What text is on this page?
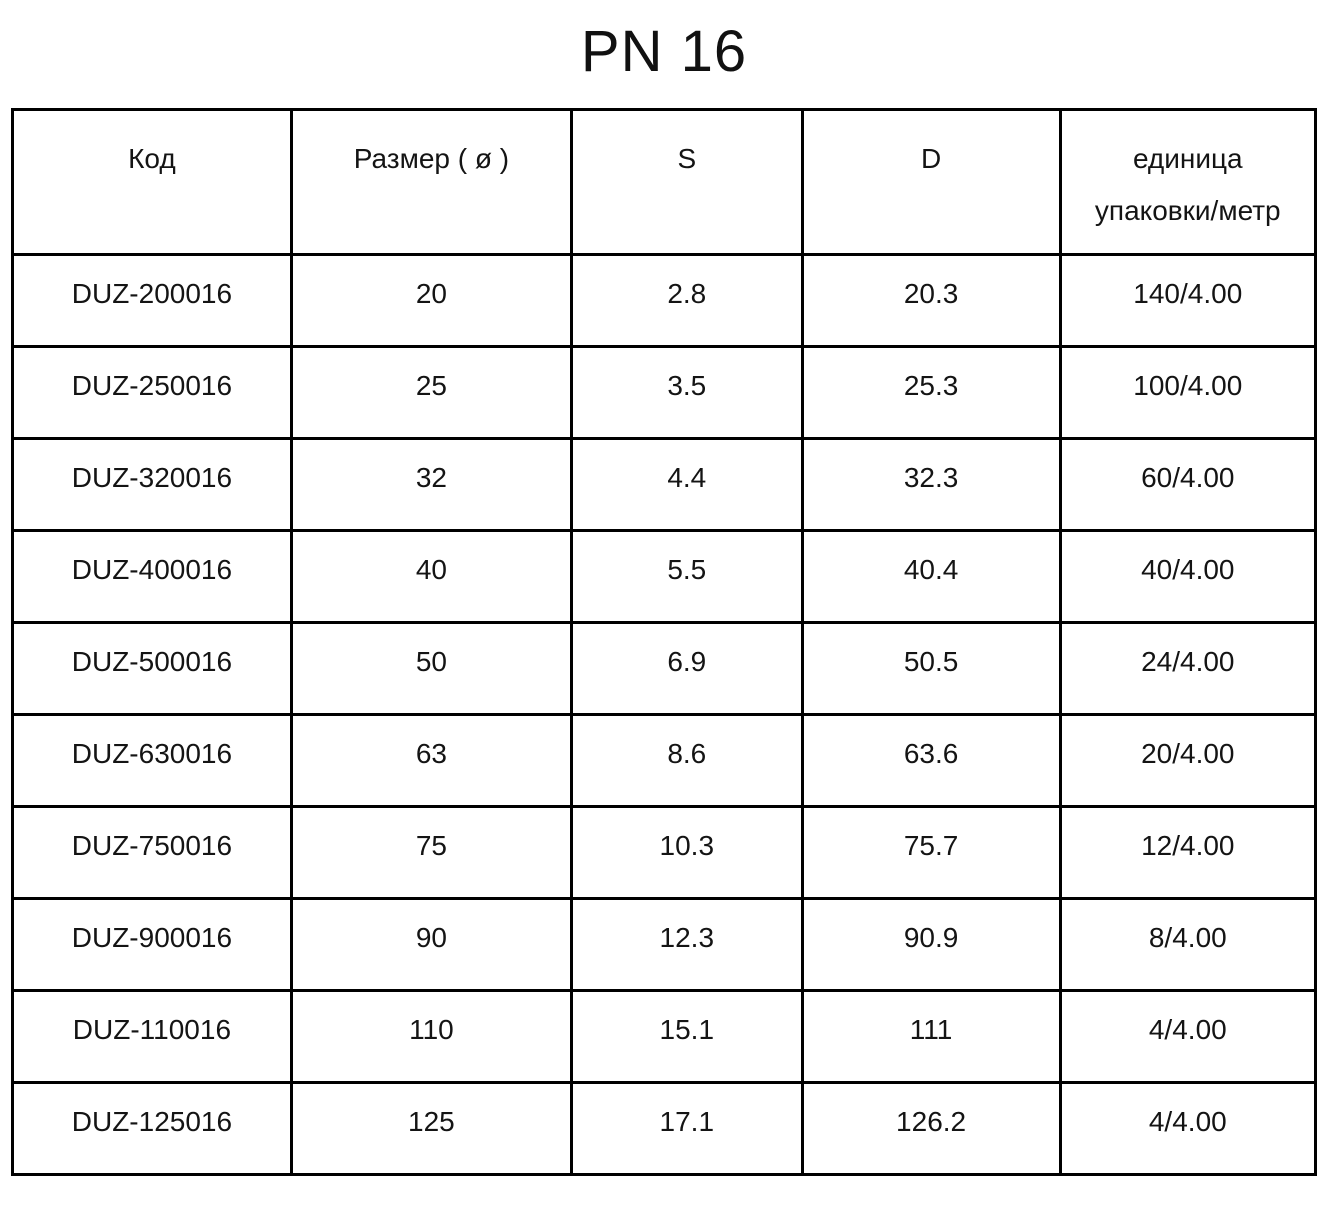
PN 16
Код	Размер ( ø )	S	D	единица упаковки/метр
DUZ-200016	20	2.8	20.3	140/4.00
DUZ-250016	25	3.5	25.3	100/4.00
DUZ-320016	32	4.4	32.3	60/4.00
DUZ-400016	40	5.5	40.4	40/4.00
DUZ-500016	50	6.9	50.5	24/4.00
DUZ-630016	63	8.6	63.6	20/4.00
DUZ-750016	75	10.3	75.7	12/4.00
DUZ-900016	90	12.3	90.9	8/4.00
DUZ-110016	110	15.1	111	4/4.00
DUZ-125016	125	17.1	126.2	4/4.00
